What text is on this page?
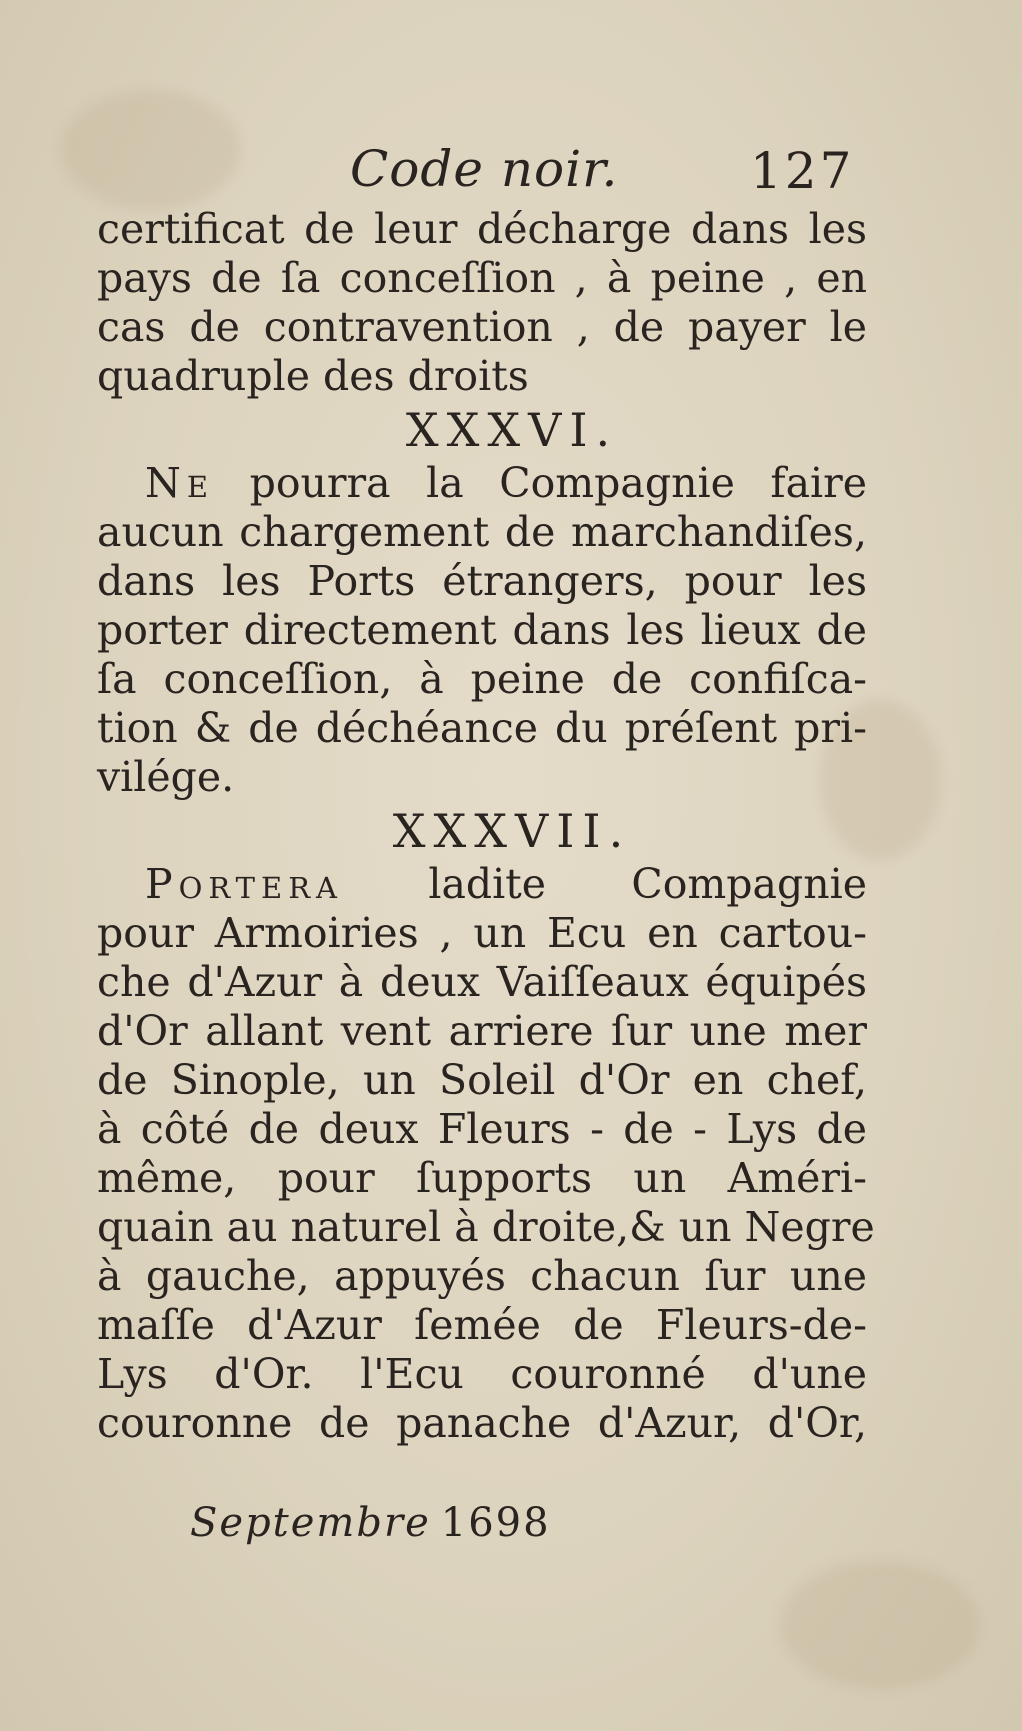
Code noir.	127
certificat de leur décharge dans les
pays de ſa conceſſion , à peine , en
cas de contravention , de payer le
quadruple des droits
XXXVI.
Ne pourra la Compagnie faire
aucun chargement de marchandiſes,
dans les Ports étrangers, pour les
porter directement dans les lieux de
ſa conceſſion, à peine de confiſca-
tion & de déchéance du préſent pri-
vilége.
XXXVII.
Portera ladite Compagnie
pour Armoiries , un Ecu en cartou-
che d'Azur à deux Vaiſſeaux équipés
d'Or allant vent arriere ſur une mer
de Sinople, un Soleil d'Or en chef,
à côté de deux Fleurs - de - Lys de
même, pour ſupports un Améri-
quain au naturel à droite,& un Negre
à gauche, appuyés chacun ſur une
maſſe d'Azur ſemée de Fleurs-de-
Lys d'Or. l'Ecu couronné d'une
couronne de panache d'Azur, d'Or,
Septembre 1698
